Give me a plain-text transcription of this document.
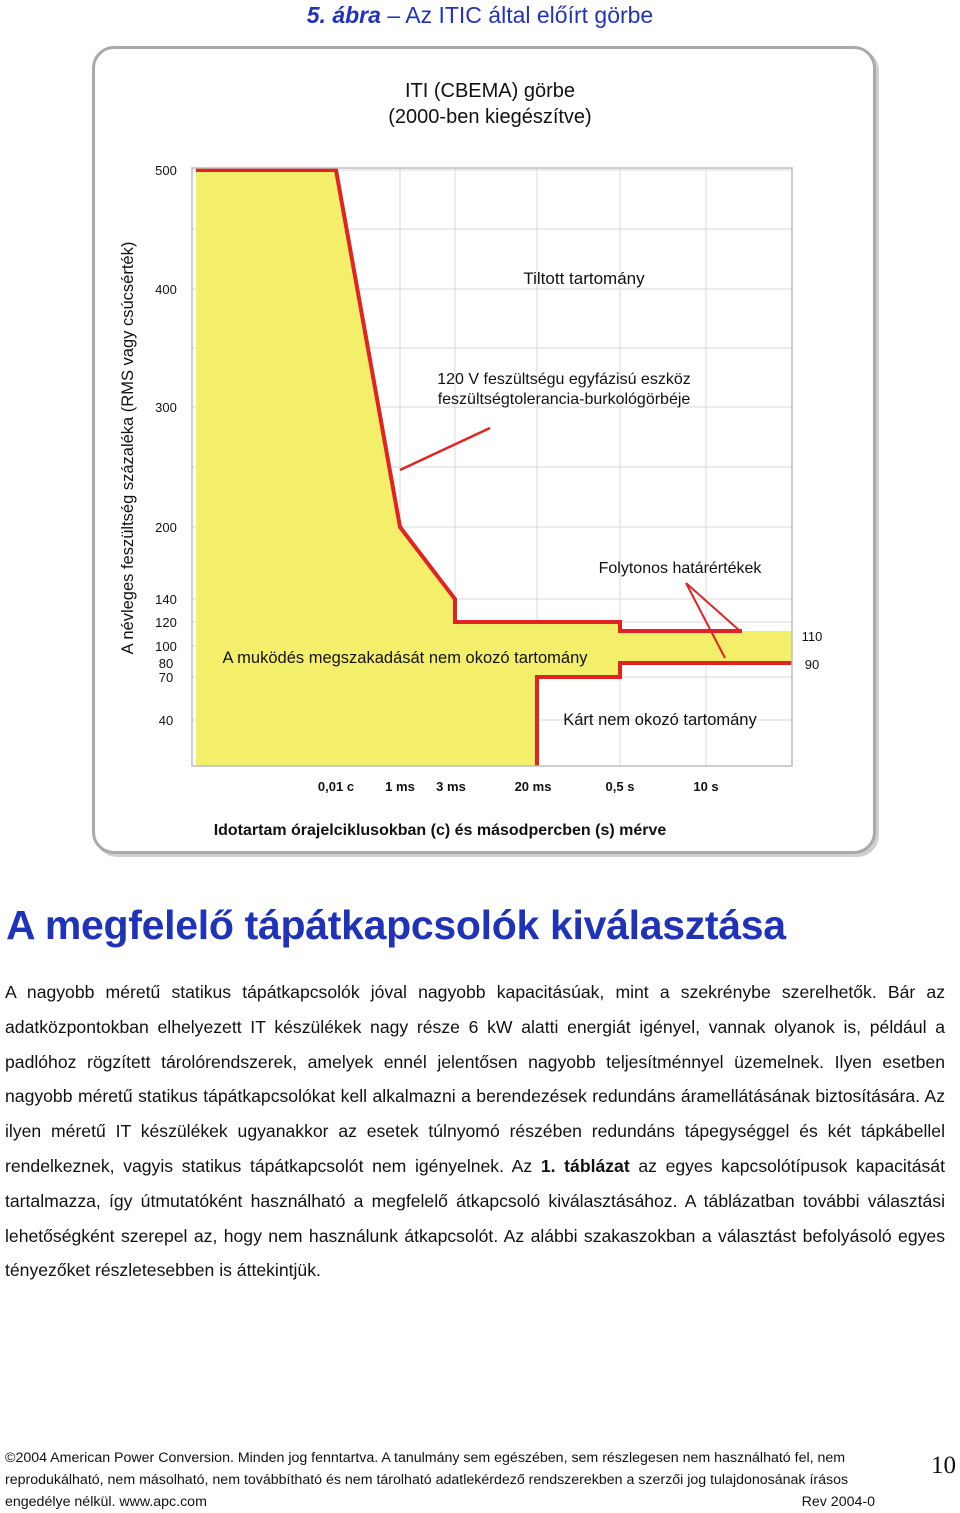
5. ábra – Az ITIC által előírt görbe
ITI (CBEMA) görbe
(2000-ben kiegészítve)
500
400
300
200
140
120
100
80
70
40
110
90
0,01 c 1 ms 3 ms	20 ms	0,5 s	10 s
A névleges feszültség százaléka (RMS vagy csúcsérték)
Idotartam órajelciklusokban (c) és másodpercben (s) mérve
Tiltott tartomány
120 V feszültségu egyfázisú eszköz
feszültségtolerancia-burkológörbéje
Folytonos határértékek
A muködés megszakadását nem okozó tartomány
Kárt nem okozó tartomány
A megfelelő tápátkapcsolók kiválasztása

A nagyobb méretű statikus tápátkapcsolók jóval nagyobb kapacitásúak, mint a szekrénybe szerelhetők. Bár az adatközpontokban elhelyezett IT készülékek nagy része 6 kW alatti energiát igényel, vannak olyanok is, például a padlóhoz rögzített tárolórendszerek, amelyek ennél jelentősen nagyobb teljesítménnyel üzemelnek. Ilyen esetben nagyobb méretű statikus tápátkapcsolókat kell alkalmazni a berendezések redundáns áramellátásának biztosítására. Az ilyen méretű IT készülékek ugyanakkor az esetek túlnyomó részében redundáns tápegységgel és két tápkábellel rendelkeznek, vagyis statikus tápátkapcsolót nem igényelnek. Az 1. táblázat az egyes kapcsolótípusok kapacitását tartalmazza, így útmutatóként használható a megfelelő átkapcsoló kiválasztásához. A táblázatban további választási lehetőségként szerepel az, hogy nem használunk átkapcsolót. Az alábbi szakaszokban a választást befolyásoló egyes tényezőket részletesebben is áttekintjük.

©2004 American Power Conversion. Minden jog fenntartva. A tanulmány sem egészében, sem részlegesen nem használható fel, nem
reprodukálható, nem másolható, nem továbbítható és nem tárolható adatlekérdező rendszerekben a szerzői jog tulajdonosának írásos
engedélye nélkül. www.apc.com	Rev 2004-0
10
